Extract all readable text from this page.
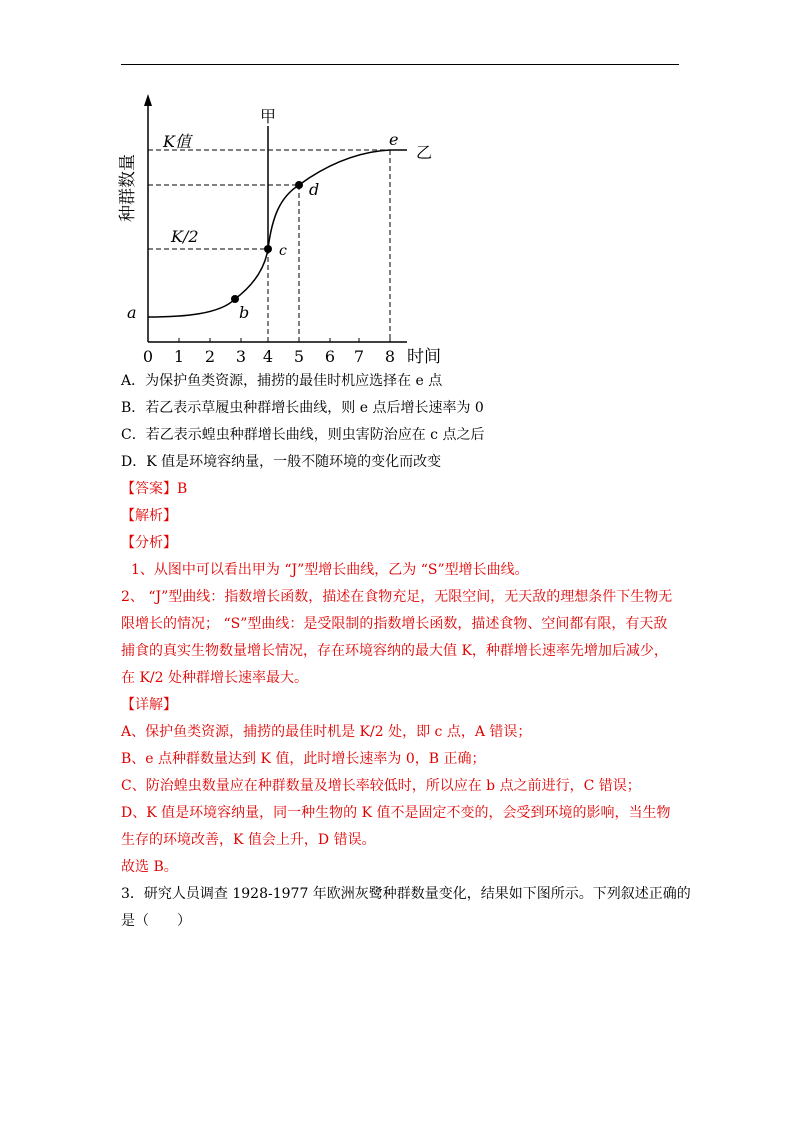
种群数量
K值
K/2
甲
乙
a	b
c
d
e
0 1 2 3 4 5 6 7 8 时间
A．为保护鱼类资源，捕捞的最佳时机应选择在 e 点
B．若乙表示草履虫种群增长曲线，则 e 点后增长速率为 0
C．若乙表示蝗虫种群增长曲线，则虫害防治应在 c 点之后
D．K 值是环境容纳量，一般不随环境的变化而改变
【答案】B
【解析】
【分析】
1、从图中可以看出甲为 “J”型增长曲线，乙为 “S”型增长曲线。
2、 “J”型曲线：指数增长函数，描述在食物充足，无限空间，无天敌的理想条件下生物无
限增长的情况； “S”型曲线：是受限制的指数增长函数，描述食物、空间都有限，有天敌
捕食的真实生物数量增长情况，存在环境容纳的最大值 K，种群增长速率先增加后减少，
在 K/2 处种群增长速率最大。
【详解】
A、保护鱼类资源，捕捞的最佳时机是 K/2 处，即 c 点，A 错误；
B、e 点种群数量达到 K 值，此时增长速率为 0，B 正确；
C、防治蝗虫数量应在种群数量及增长率较低时，所以应在 b 点之前进行，C 错误；
D、K 值是环境容纳量，同一种生物的 K 值不是固定不变的，会受到环境的影响，当生物
生存的环境改善，K 值会上升，D 错误。
故选 B。
3．研究人员调查 1928-1977 年欧洲灰鹭种群数量变化，结果如下图所示。下列叙述正确的
是（　　）
